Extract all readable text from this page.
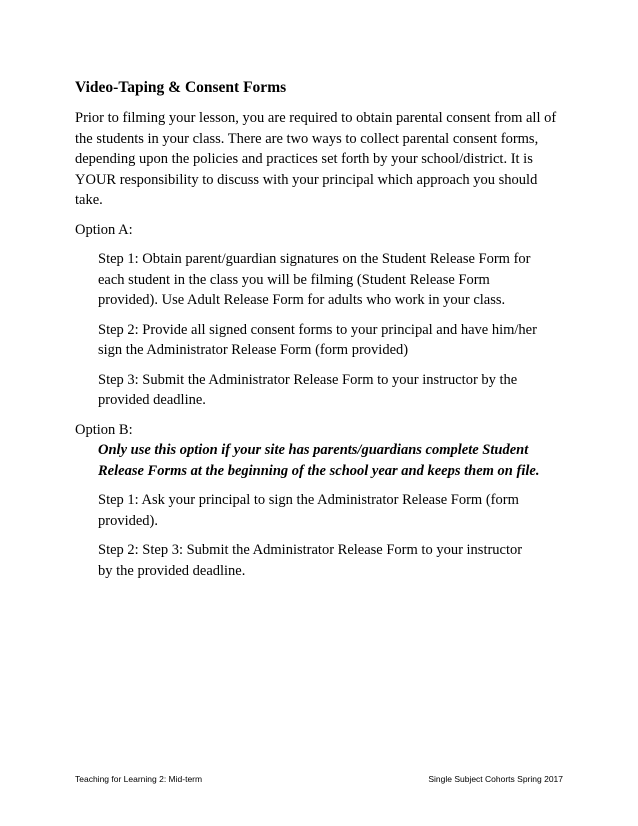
Video-Taping & Consent Forms
Prior to filming your lesson, you are required to obtain parental consent from all of
the students in your class. There are two ways to collect parental consent forms,
depending upon the policies and practices set forth by your school/district. It is
YOUR responsibility to discuss with your principal which approach you should
take.
Option A:
Step 1: Obtain parent/guardian signatures on the Student Release Form for
each student in the class you will be filming (Student Release Form
provided). Use Adult Release Form for adults who work in your class.
Step 2: Provide all signed consent forms to your principal and have him/her
sign the Administrator Release Form (form provided)
Step 3: Submit the Administrator Release Form to your instructor by the
provided deadline.
Option B:
Only use this option if your site has parents/guardians complete Student
Release Forms at the beginning of the school year and keeps them on file.
Step 1: Ask your principal to sign the Administrator Release Form (form
provided).
Step 2: Step 3: Submit the Administrator Release Form to your instructor
by the provided deadline.
Teaching for Learning 2: Mid-term	Single Subject Cohorts Spring 2017
